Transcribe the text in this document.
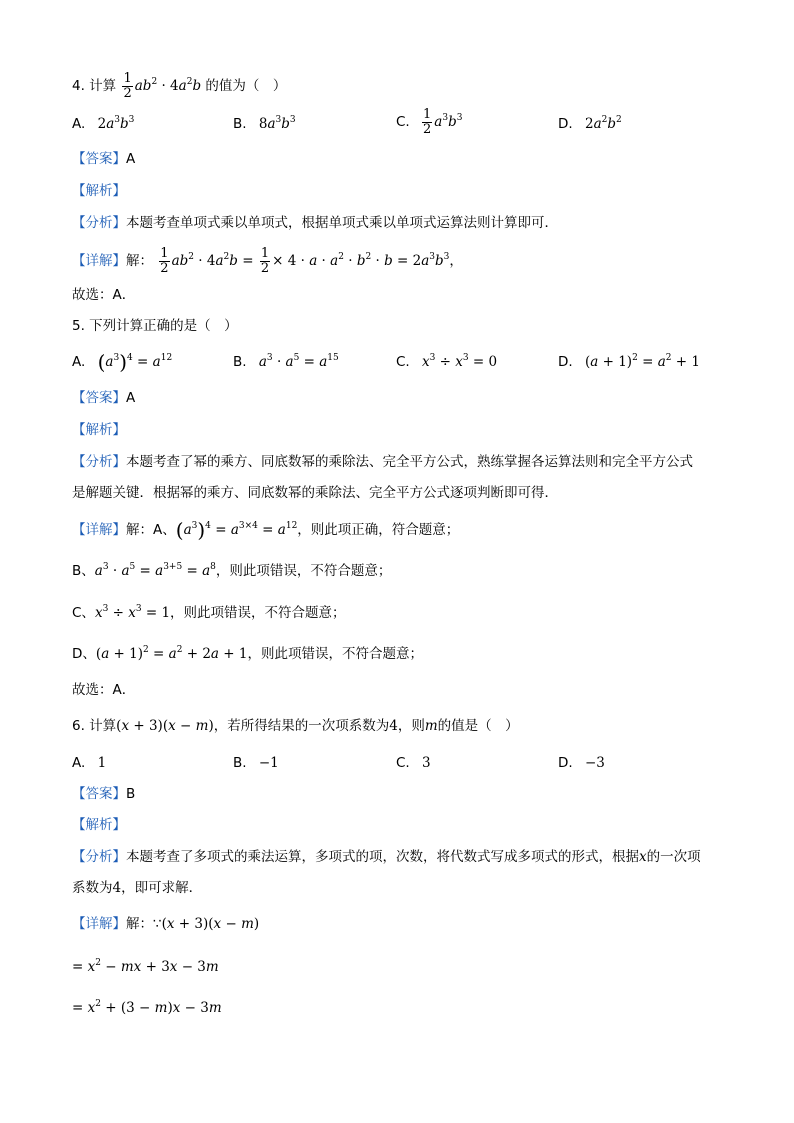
4. 计算 $\frac{1}{2} ab^2 \cdot 4a^2b$ 的值为（　）
A. $2a^3b^3$	B. $8a^3b^3$	C. $\frac{1}{2} a^3b^3$	D. $2a^2b^2$
【答案】A
【解析】
【分析】本题考查单项式乘以单项式，根据单项式乘以单项式运算法则计算即可．
【详解】解： $\frac{1}{2} ab^2 \cdot 4a^2b = \frac{1}{2} \times 4 \cdot a \cdot a^2 \cdot b^2 \cdot b = 2a^3b^3$，
故选：A．
5. 下列计算正确的是（　）
A. $(a^3)^4 = a^{12}$	B. $a^3 \cdot a^5 = a^{15}$	C. $x^3 \div x^3 = 0$	D. $(a + 1)^2 = a^2 + 1$
【答案】A
【解析】
【分析】本题考查了幂的乘方、同底数幂的乘除法、完全平方公式，熟练掌握各运算法则和完全平方公式
是解题关键．根据幂的乘方、同底数幂的乘除法、完全平方公式逐项判断即可得．
【详解】解：A、$(a^3)^4 = a^{3\times 4} = a^{12}$，则此项正确，符合题意；
B、$a^3 \cdot a^5 = a^{3+5} = a^8$，则此项错误，不符合题意；
C、$x^3 \div x^3 = 1$，则此项错误，不符合题意；
D、$(a + 1)^2 = a^2 + 2a + 1$，则此项错误，不符合题意；
故选：A．
6. 计算(x + 3)(x − m)，若所得结果的一次项系数为4，则m的值是（　）
A. 1	B. −1	C. 3	D. −3
【答案】B
【解析】
【分析】本题考查了多项式的乘法运算，多项式的项，次数，将代数式写成多项式的形式，根据x的一次项
系数为4，即可求解．
【详解】解：∵(x + 3)(x − m)
= $x^2$ − mx + 3x − 3m
= $x^2 + (3 - m)x - 3m$
